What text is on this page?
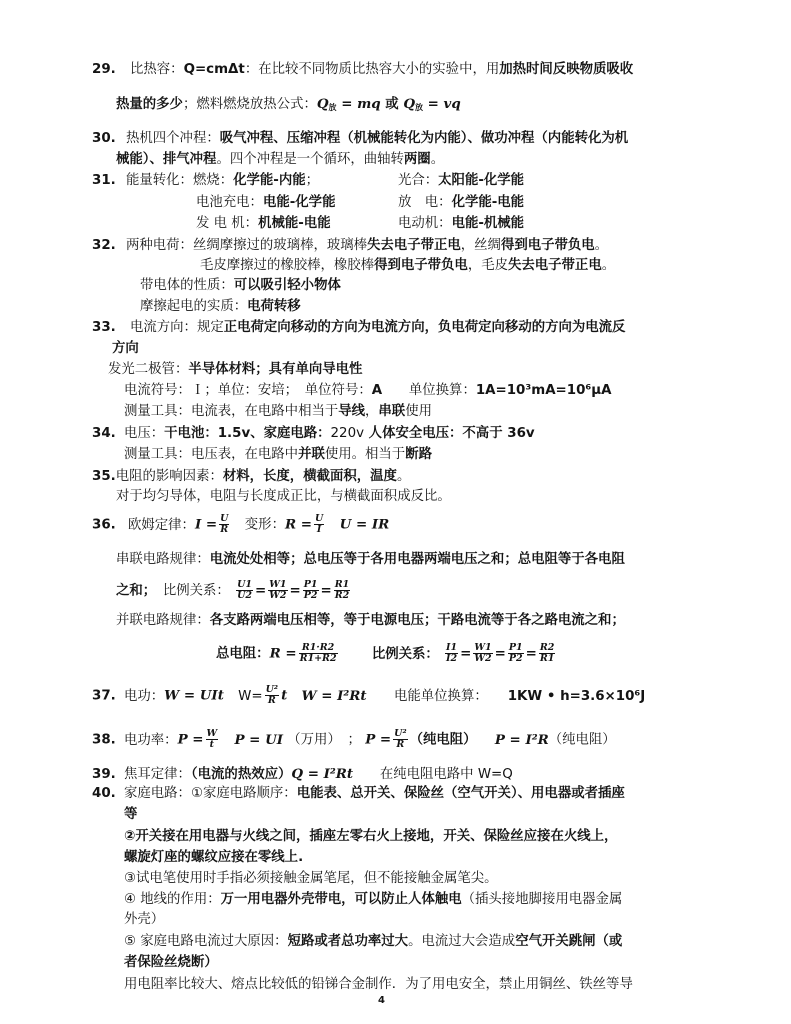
29. 比热容：Q=cmΔt：在比较不同物质比热容大小的实验中，用加热时间反映物质吸收
热量的多少；燃料燃烧放热公式：$Q_放$ = mq 或 $Q_放$ = vq
30. 热机四个冲程：吸气冲程、压缩冲程（机械能转化为内能）、做功冲程（内能转化为机
械能）、排气冲程。四个冲程是一个循环，曲轴转两圈。
31. 能量转化：燃烧：化学能-内能；	光合：太阳能-化学能
电池充电：电能-化学能	放　电：化学能-电能
发 电 机：机械能-电能	电动机：电能-机械能
32. 两种电荷：丝绸摩擦过的玻璃棒，玻璃棒失去电子带正电，丝绸得到电子带负电。
毛皮摩擦过的橡胶棒，橡胶棒得到电子带负电，毛皮失去电子带正电。
带电体的性质：可以吸引轻小物体
摩擦起电的实质：电荷转移
33. 电流方向：规定正电荷定向移动的方向为电流方向，负电荷定向移动的方向为电流反
方向
发光二极管：半导体材料；具有单向导电性
电流符号：Ｉ；单位：安培；　单位符号：A　　单位换算：1A=10³mA=10⁶μA
测量工具：电流表，在电路中相当于导线，串联使用
34. 电压：干电池：1.5v、家庭电路：220v 人体安全电压：不高于 36v
测量工具：电压表，在电路中并联使用。相当于断路
35.电阻的影响因素：材料，长度，横截面积，温度。
对于均匀导体，电阻与长度成正比，与横截面积成反比。
36. 欧姆定律：$I = \frac{U}{R}$ 　变形：$R = \frac{U}{I}$ 　U = IR
串联电路规律：电流处处相等；总电压等于各用电器两端电压之和；总电阻等于各电阻
之和；　比例关系： $\frac{U1}{U2} = \frac{W1}{W2} = \frac{P1}{P2} = \frac{R1}{R2}$
并联电路规律：各支路两端电压相等，等于电源电压；干路电流等于各之路电流之和；
总电阻：$R = \frac{R1\cdot R2}{R1+R2}$	比例关系： $\frac{I1}{I2} = \frac{W1}{W2} = \frac{P1}{P2} = \frac{R2}{R1}$
37. 电功：W = UIt $W= \frac{\text{U²}}{R}$ t W = I²Rt 电能单位换算： 1KW • h=3.6×10⁶J
38. 电功率：$P = \frac{W}{t}$ P = UI （万用）　； $P = \frac{\text{U²}}{R}$ （纯电阻） P = I²R（纯电阻）
39. 焦耳定律：（电流的热效应）Q = I²Rt　　在纯电阻电路中 W=Q
40. 家庭电路：①家庭电路顺序：电能表、总开关、保险丝（空气开关）、用电器或者插座
等
②开关接在用电器与火线之间，插座左零右火上接地，开关、保险丝应接在火线上，
螺旋灯座的螺纹应接在零线上.
③试电笔使用时手指必须接触金属笔尾，但不能接触金属笔尖。
④ 地线的作用：万一用电器外壳带电，可以防止人体触电（插头接地脚接用电器金属
外壳）
⑤ 家庭电路电流过大原因：短路或者总功率过大。电流过大会造成空气开关跳闸（或
者保险丝烧断）
用电阻率比较大、熔点比较低的铅锑合金制作．为了用电安全，禁止用铜丝、铁丝等导
4
